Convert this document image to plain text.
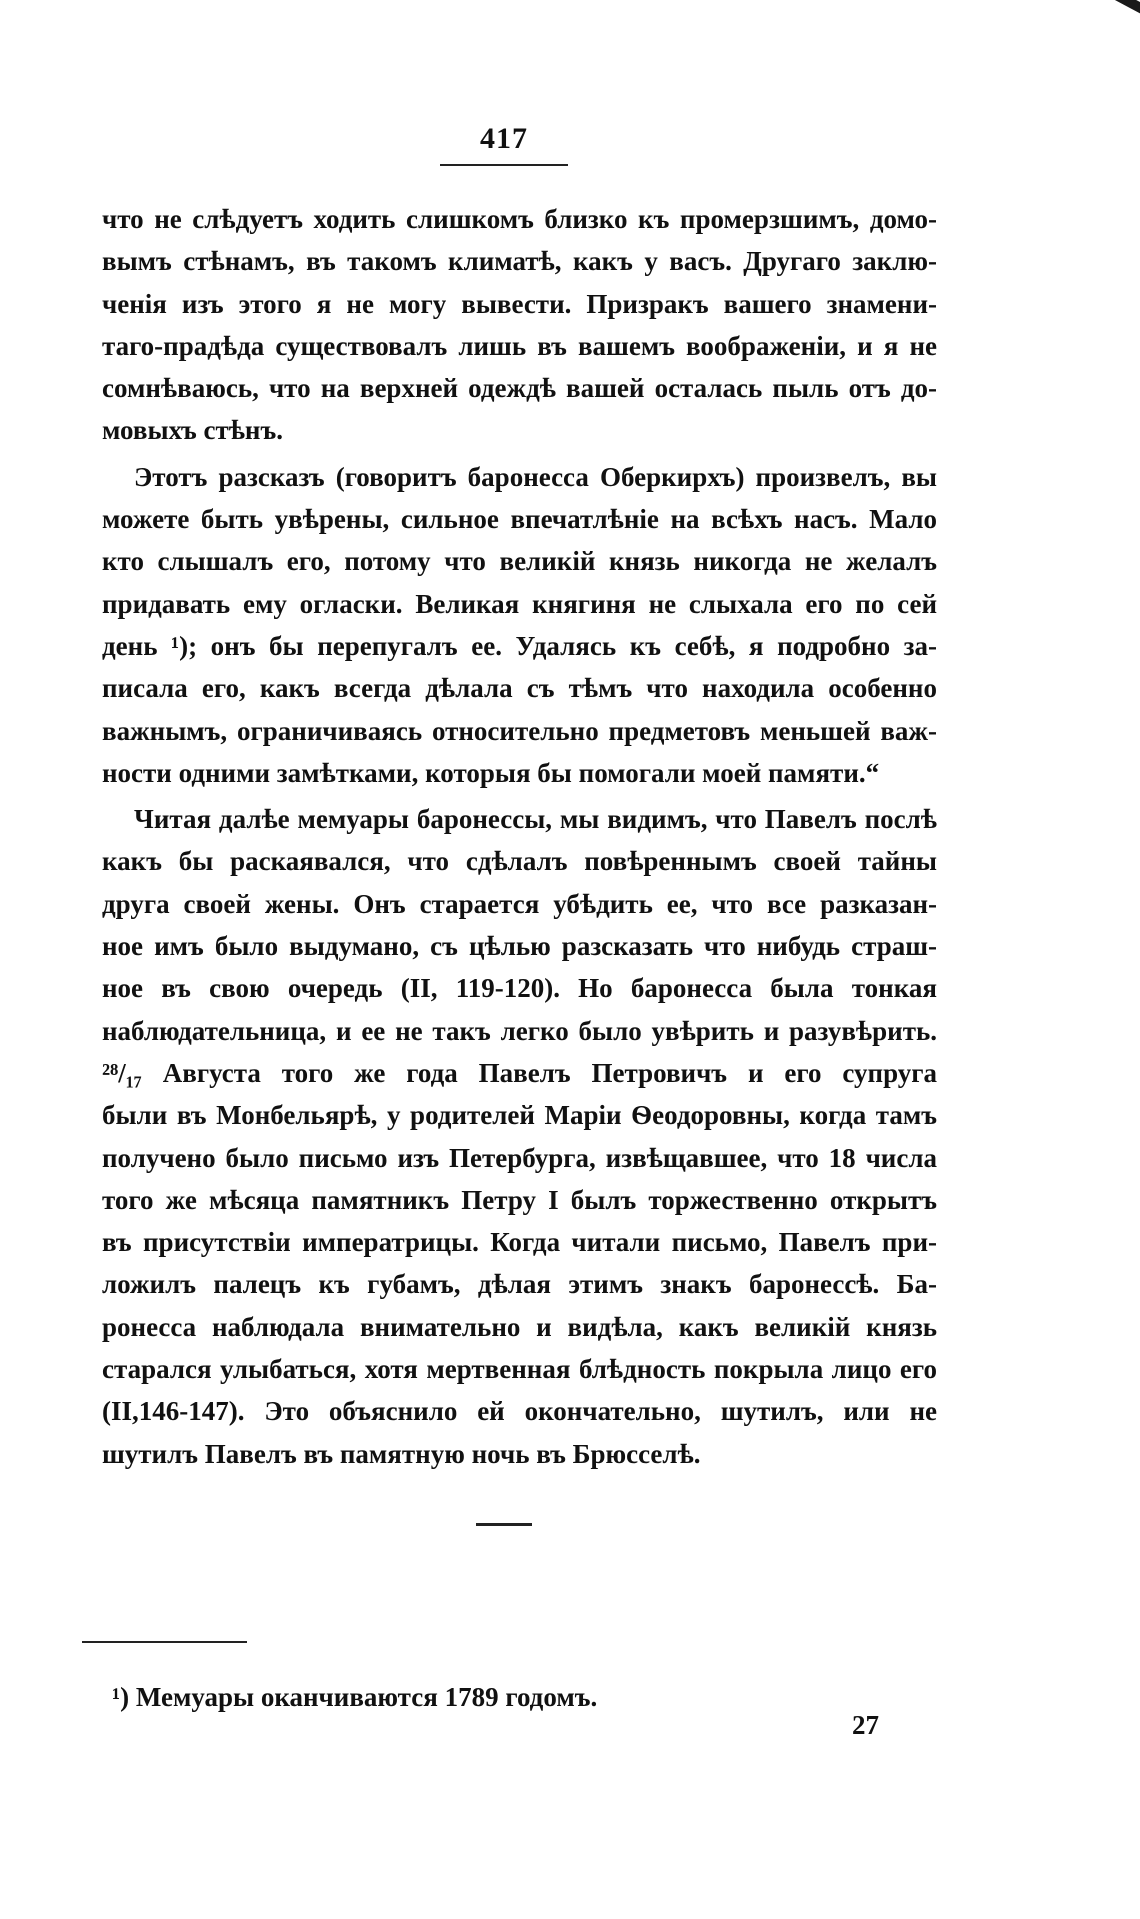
417
что не слѣдуетъ ходить слишкомъ близко къ промерзшимъ, домо-
вымъ стѣнамъ, въ такомъ климатѣ, какъ у васъ. Другаго заклю-
ченія изъ этого я не могу вывести. Призракъ вашего знамени-
таго-прадѣда существовалъ лишь въ вашемъ воображеніи, и я не
сомнѣваюсь, что на верхней одеждѣ вашей осталась пыль отъ до-
мовыхъ стѣнъ.
Этотъ разсказъ (говоритъ баронесса Оберкирхъ) произвелъ, вы
можете быть увѣрены, сильное впечатлѣніе на всѣхъ насъ. Мало
кто слышалъ его, потому что великій князь никогда не желалъ
придавать ему огласки. Великая княгиня не слыхала его по сей
день ¹); онъ бы перепугалъ ее. Удалясь къ себѣ, я подробно за-
писала его, какъ всегда дѣлала съ тѣмъ что находила особенно
важнымъ, ограничиваясь относительно предметовъ меньшей важ-
ности одними замѣтками, которыя бы помогали моей памяти.“
Читая далѣе мемуары баронессы, мы видимъ, что Павелъ послѣ
какъ бы раскаявался, что сдѣлалъ повѣреннымъ своей тайны
друга своей жены. Онъ старается убѣдить ее, что все разказан-
ное имъ было выдумано, съ цѣлью разсказать что нибудь страш-
ное въ свою очередь (II, 119-120). Но баронесса была тонкая
наблюдательница, и ее не такъ легко было увѣрить и разувѣрить.
²⁸/₁₇ Августа того же года Павелъ Петровичъ и его супруга
были въ Монбельярѣ, у родителей Маріи Ѳеодоровны, когда тамъ
получено было письмо изъ Петербурга, извѣщавшее, что 18 числа
того же мѣсяца памятникъ Петру I былъ торжественно открытъ
въ присутствіи императрицы. Когда читали письмо, Павелъ при-
ложилъ палецъ къ губамъ, дѣлая этимъ знакъ баронессѣ. Ба-
ронесса наблюдала внимательно и видѣла, какъ великій князь
старался улыбаться, хотя мертвенная блѣдность покрыла лицо его
(II,146-147). Это объяснило ей окончательно, шутилъ, или не
шутилъ Павелъ въ памятную ночь въ Брюсселѣ.
¹) Мемуары оканчиваются 1789 годомъ.
27
